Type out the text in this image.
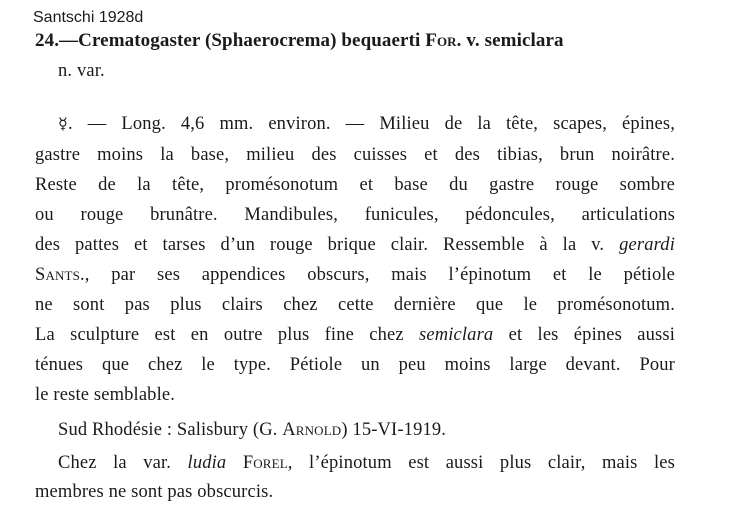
Santschi 1928d
24.—Crematogaster (Sphaerocrema) bequaerti For. v. semiclara
n. var.
☿. — Long. 4,6 mm. environ. — Milieu de la tête, scapes, épines,
gastre moins la base, milieu des cuisses et des tibias, brun noirâtre.
Reste de la tête, promésonotum et base du gastre rouge sombre
ou rouge brunâtre. Mandibules, funicules, pédoncules, articulations
des pattes et tarses d’un rouge brique clair. Ressemble à la v. gerardi
Sants., par ses appendices obscurs, mais l’épinotum et le pétiole
ne sont pas plus clairs chez cette dernière que le promésonotum.
La sculpture est en outre plus fine chez semiclara et les épines aussi
ténues que chez le type. Pétiole un peu moins large devant. Pour
le reste semblable.
Sud Rhodésie : Salisbury (G. Arnold) 15-VI-1919.
Chez la var. ludia Forel, l’épinotum est aussi plus clair, mais les
membres ne sont pas obscurcis.
